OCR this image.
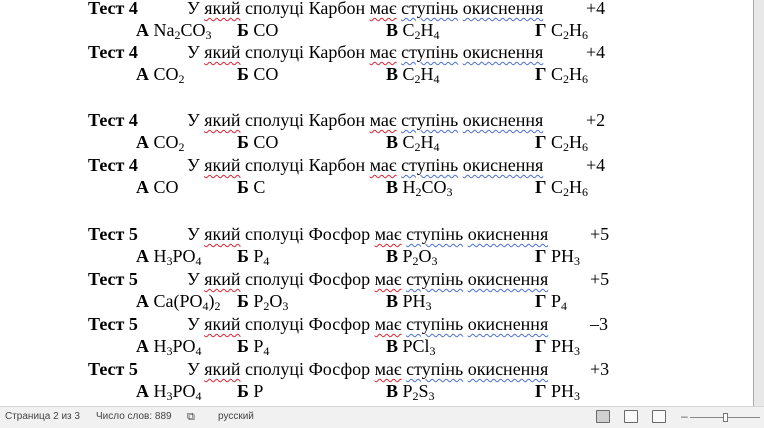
Тест 4	У який сполуці Карбон має ступінь окиснення +4
А $Na_2CO_3$ Б CO	В $C_2H_4$	Г $C_2H_6$
Тест 4	У який сполуці Карбон має ступінь окиснення +4
А $CO_2$	Б CO	В $C_2H_4$	Г $C_2H_6$
Тест 4	У який сполуці Карбон має ступінь окиснення +2
А $CO_2$	Б CO	В $C_2H_4$	Г $C_2H_6$
Тест 4	У який сполуці Карбон має ступінь окиснення +4
А CO	Б C	В $H_2CO_3$	Г $C_2H_6$
Тест 5	У який сполуці Фосфор має ступінь окиснення +5
А $H_3PO_4$ Б $P_4$	В $P_2O_3$	Г $PH_3$
Тест 5	У який сполуці Фосфор має ступінь окиснення +5
А $Ca(PO_4)_2$ Б $P_2O_3$	В $PH_3$	Г $P_4$
Тест 5	У який сполуці Фосфор має ступінь окиснення –3
А $H_3PO_4$ Б $P_4$	В PCl$_3$	Г $PH_3$
Тест 5	У який сполуці Фосфор має ступінь окиснення +3
А $H_3PO_4$ Б P	В $P_2S_3$	Г $PH_3$
Страница 2 из 3 Число слов: 889 ⧉ русский	–
